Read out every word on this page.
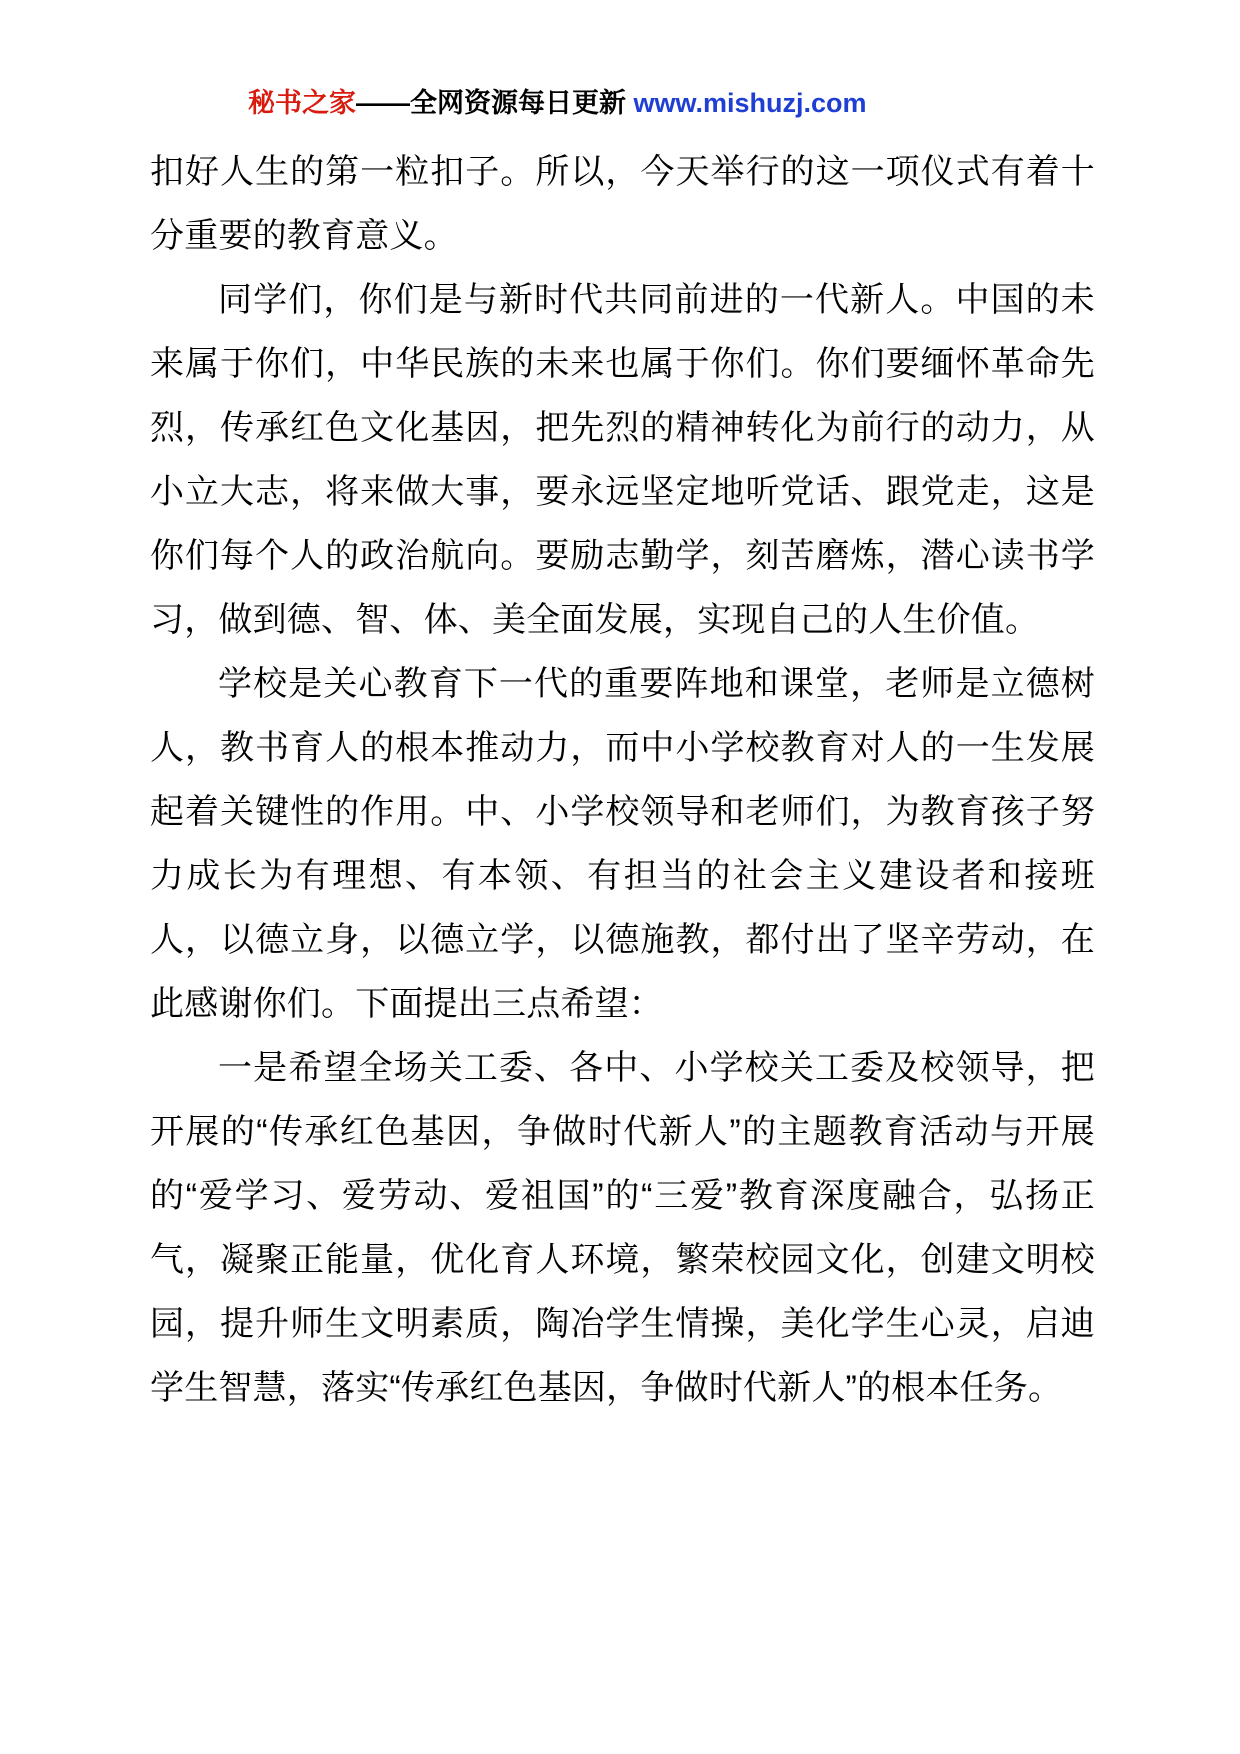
秘书之家——全网资源每日更新 www.mishuzj.com

扣好人生的第一粒扣子。所以，今天举行的这一项仪式有着十分重要的教育意义。

同学们，你们是与新时代共同前进的一代新人。中国的未来属于你们，中华民族的未来也属于你们。你们要缅怀革命先烈，传承红色文化基因，把先烈的精神转化为前行的动力，从小立大志，将来做大事，要永远坚定地听党话、跟党走，这是你们每个人的政治航向。要励志勤学，刻苦磨炼，潜心读书学习，做到德、智、体、美全面发展，实现自己的人生价值。

学校是关心教育下一代的重要阵地和课堂，老师是立德树人，教书育人的根本推动力，而中小学校教育对人的一生发展起着关键性的作用。中、小学校领导和老师们，为教育孩子努力成长为有理想、有本领、有担当的社会主义建设者和接班人，以德立身，以德立学，以德施教，都付出了坚辛劳动，在此感谢你们。下面提出三点希望：

一是希望全场关工委、各中、小学校关工委及校领导，把开展的“传承红色基因，争做时代新人”的主题教育活动与开展的“爱学习、爱劳动、爱祖国”的“三爱”教育深度融合，弘扬正气，凝聚正能量，优化育人环境，繁荣校园文化，创建文明校园，提升师生文明素质，陶冶学生情操，美化学生心灵，启迪学生智慧，落实“传承红色基因，争做时代新人”的根本任务。
